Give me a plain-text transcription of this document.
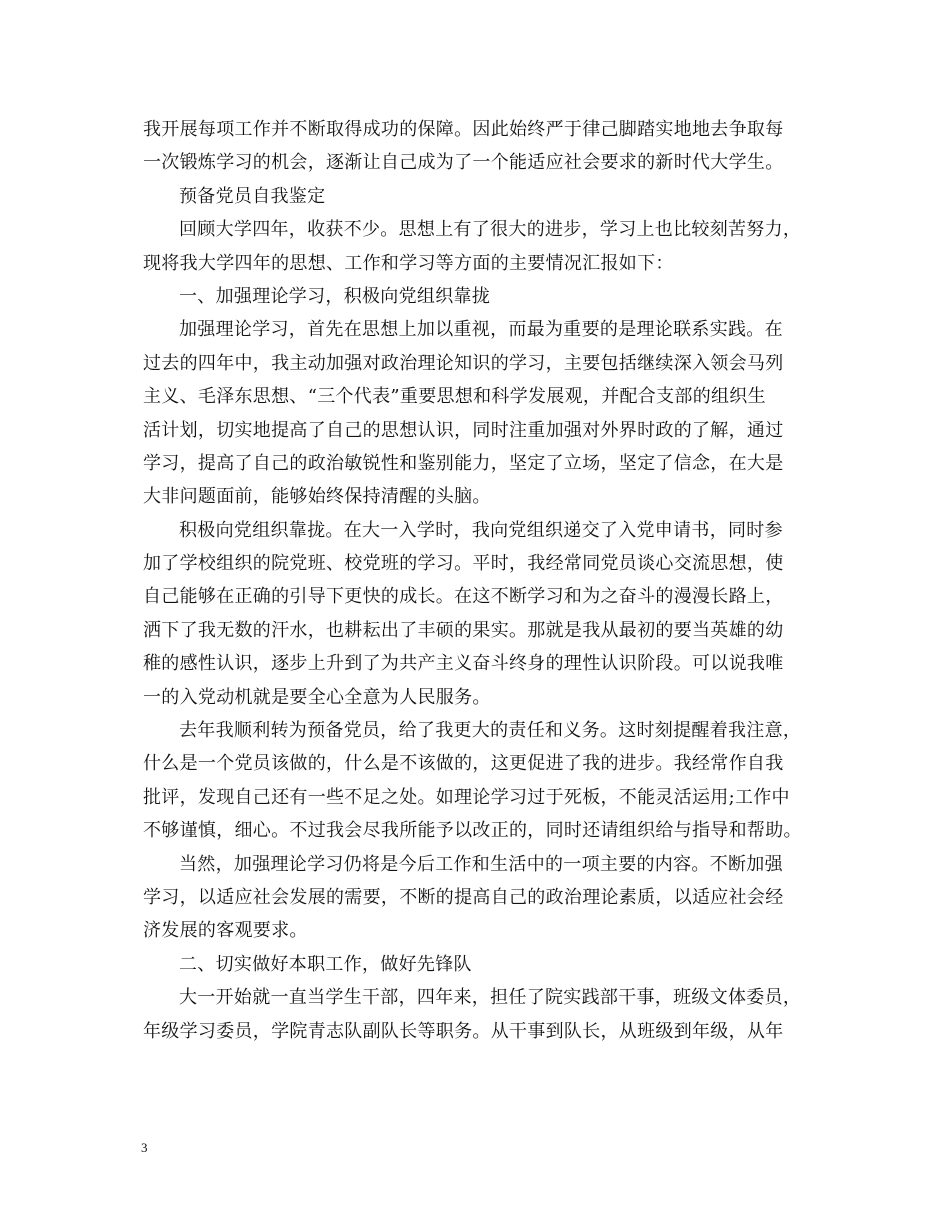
我开展每项工作并不断取得成功的保障。因此始终严于律己脚踏实地地去争取每
一次锻炼学习的机会，逐渐让自己成为了一个能适应社会要求的新时代大学生。
预备党员自我鉴定
回顾大学四年，收获不少。思想上有了很大的进步，学习上也比较刻苦努力，
现将我大学四年的思想、工作和学习等方面的主要情况汇报如下：
一、加强理论学习，积极向党组织靠拢
加强理论学习，首先在思想上加以重视，而最为重要的是理论联系实践。在
过去的四年中，我主动加强对政治理论知识的学习，主要包括继续深入领会马列
主义、毛泽东思想、“三个代表”重要思想和科学发展观，并配合支部的组织生
活计划，切实地提高了自己的思想认识，同时注重加强对外界时政的了解，通过
学习，提高了自己的政治敏锐性和鉴别能力，坚定了立场，坚定了信念，在大是
大非问题面前，能够始终保持清醒的头脑。
积极向党组织靠拢。在大一入学时，我向党组织递交了入党申请书，同时参
加了学校组织的院党班、校党班的学习。平时，我经常同党员谈心交流思想，使
自己能够在正确的引导下更快的成长。在这不断学习和为之奋斗的漫漫长路上，
洒下了我无数的汗水，也耕耘出了丰硕的果实。那就是我从最初的要当英雄的幼
稚的感性认识，逐步上升到了为共产主义奋斗终身的理性认识阶段。可以说我唯
一的入党动机就是要全心全意为人民服务。
去年我顺利转为预备党员，给了我更大的责任和义务。这时刻提醒着我注意，
什么是一个党员该做的，什么是不该做的，这更促进了我的进步。我经常作自我
批评，发现自己还有一些不足之处。如理论学习过于死板，不能灵活运用;工作中
不够谨慎，细心。不过我会尽我所能予以改正的，同时还请组织给与指导和帮助。
当然，加强理论学习仍将是今后工作和生活中的一项主要的内容。不断加强
学习，以适应社会发展的需要，不断的提高自己的政治理论素质，以适应社会经
济发展的客观要求。
二、切实做好本职工作，做好先锋队
大一开始就一直当学生干部，四年来，担任了院实践部干事，班级文体委员，
年级学习委员，学院青志队副队长等职务。从干事到队长，从班级到年级，从年
3
